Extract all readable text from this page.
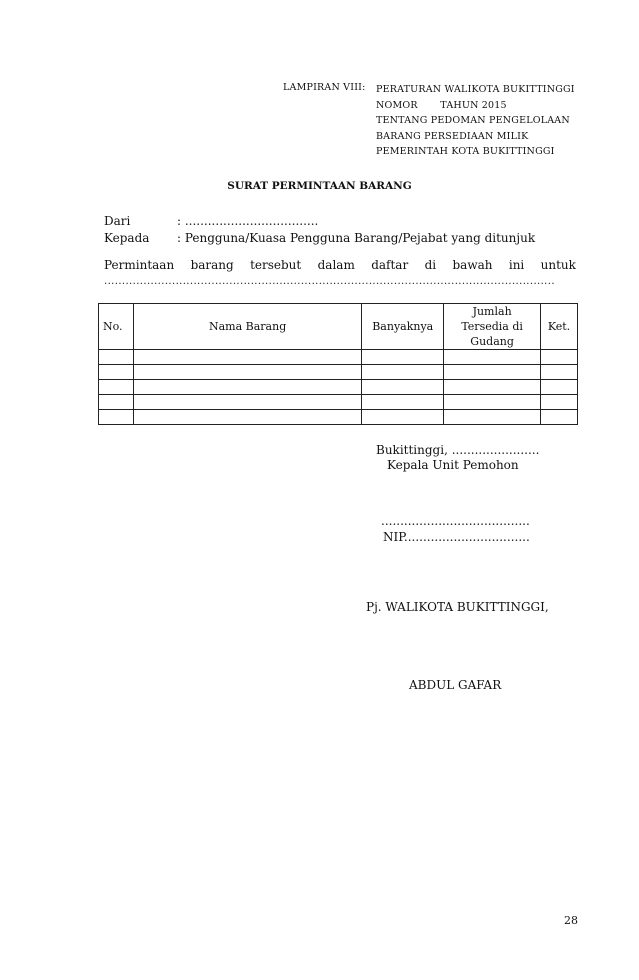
LAMPIRAN VIII: PERATURAN WALIKOTA BUKITTINGGI
NOMOR       TAHUN 2015
TENTANG PEDOMAN PENGELOLAAN
BARANG PERSEDIAAN MILIK
PEMERINTAH KOTA BUKITTINGGI
SURAT PERMINTAAN BARANG
Dari	: ...................................
Kepada : Pengguna/Kuasa Pengguna Barang/Pejabat yang ditunjuk
Permintaan barang tersebut dalam daftar di bawah ini untuk
..............................................................................................................................
No.	Nama Barang	Banyaknya	Jumlah
Tersedia di
Gudang	Ket.

Bukittinggi, .......................
Kepala Unit Pemohon
.......................................
NIP.................................
Pj. WALIKOTA BUKITTINGGI,
ABDUL GAFAR
28
